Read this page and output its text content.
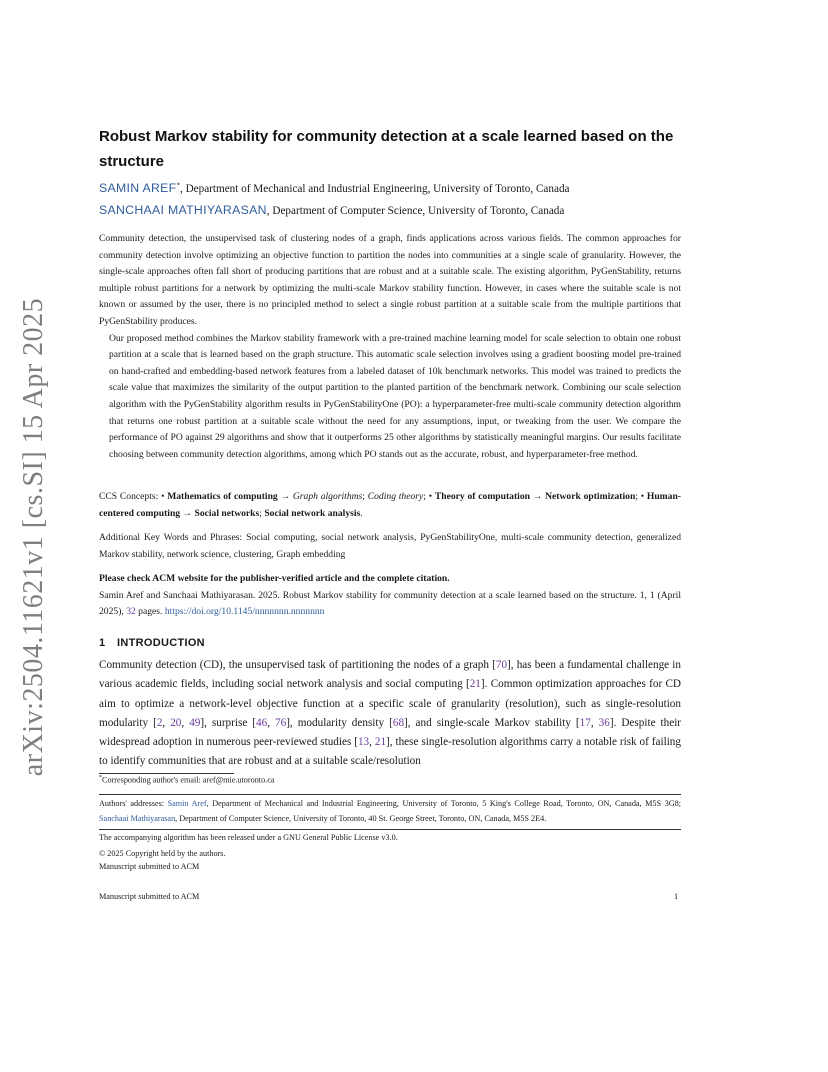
arXiv:2504.11621v1 [cs.SI] 15 Apr 2025
Robust Markov stability for community detection at a scale learned based on the structure
SAMIN AREF*, Department of Mechanical and Industrial Engineering, University of Toronto, Canada
SANCHAAI MATHIYARASAN, Department of Computer Science, University of Toronto, Canada
Community detection, the unsupervised task of clustering nodes of a graph, finds applications across various fields. The common approaches for community detection involve optimizing an objective function to partition the nodes into communities at a single scale of granularity. However, the single-scale approaches often fall short of producing partitions that are robust and at a suitable scale. The existing algorithm, PyGenStability, returns multiple robust partitions for a network by optimizing the multi-scale Markov stability function. However, in cases where the suitable scale is not known or assumed by the user, there is no principled method to select a single robust partition at a suitable scale from the multiple partitions that PyGenStability produces.
Our proposed method combines the Markov stability framework with a pre-trained machine learning model for scale selection to obtain one robust partition at a scale that is learned based on the graph structure. This automatic scale selection involves using a gradient boosting model pre-trained on hand-crafted and embedding-based network features from a labeled dataset of 10k benchmark networks. This model was trained to predicts the scale value that maximizes the similarity of the output partition to the planted partition of the benchmark network. Combining our scale selection algorithm with the PyGenStability algorithm results in PyGenStabilityOne (PO): a hyperparameter-free multi-scale community detection algorithm that returns one robust partition at a suitable scale without the need for any assumptions, input, or tweaking from the user. We compare the performance of PO against 29 algorithms and show that it outperforms 25 other algorithms by statistically meaningful margins. Our results facilitate choosing between community detection algorithms, among which PO stands out as the accurate, robust, and hyperparameter-free method.
CCS Concepts: • Mathematics of computing → Graph algorithms; Coding theory; • Theory of computation → Network optimization; • Human-centered computing → Social networks; Social network analysis.
Additional Key Words and Phrases: Social computing, social network analysis, PyGenStabilityOne, multi-scale community detection, generalized Markov stability, network science, clustering, Graph embedding
Please check ACM website for the publisher-verified article and the complete citation.
Samin Aref and Sanchaai Mathiyarasan. 2025. Robust Markov stability for community detection at a scale learned based on the structure. 1, 1 (April 2025), 32 pages. https://doi.org/10.1145/nnnnnnn.nnnnnnn
1 INTRODUCTION
Community detection (CD), the unsupervised task of partitioning the nodes of a graph [70], has been a fundamental challenge in various academic fields, including social network analysis and social computing [21]. Common optimization approaches for CD aim to optimize a network-level objective function at a specific scale of granularity (resolution), such as single-resolution modularity [2, 20, 49], surprise [46, 76], modularity density [68], and single-scale Markov stability [17, 36]. Despite their widespread adoption in numerous peer-reviewed studies [13, 21], these single-resolution algorithms carry a notable risk of failing to identify communities that are robust and at a suitable scale/resolution
*Corresponding author's email: aref@mie.utoronto.ca
Authors' addresses: Samin Aref, Department of Mechanical and Industrial Engineering, University of Toronto, 5 King's College Road, Toronto, ON, Canada, M5S 3G8; Sanchaai Mathiyarasan, Department of Computer Science, University of Toronto, 40 St. George Street, Toronto, ON, Canada, M5S 2E4.
The accompanying algorithm has been released under a GNU General Public License v3.0.
© 2025 Copyright held by the authors.
Manuscript submitted to ACM
Manuscript submitted to ACM	1
